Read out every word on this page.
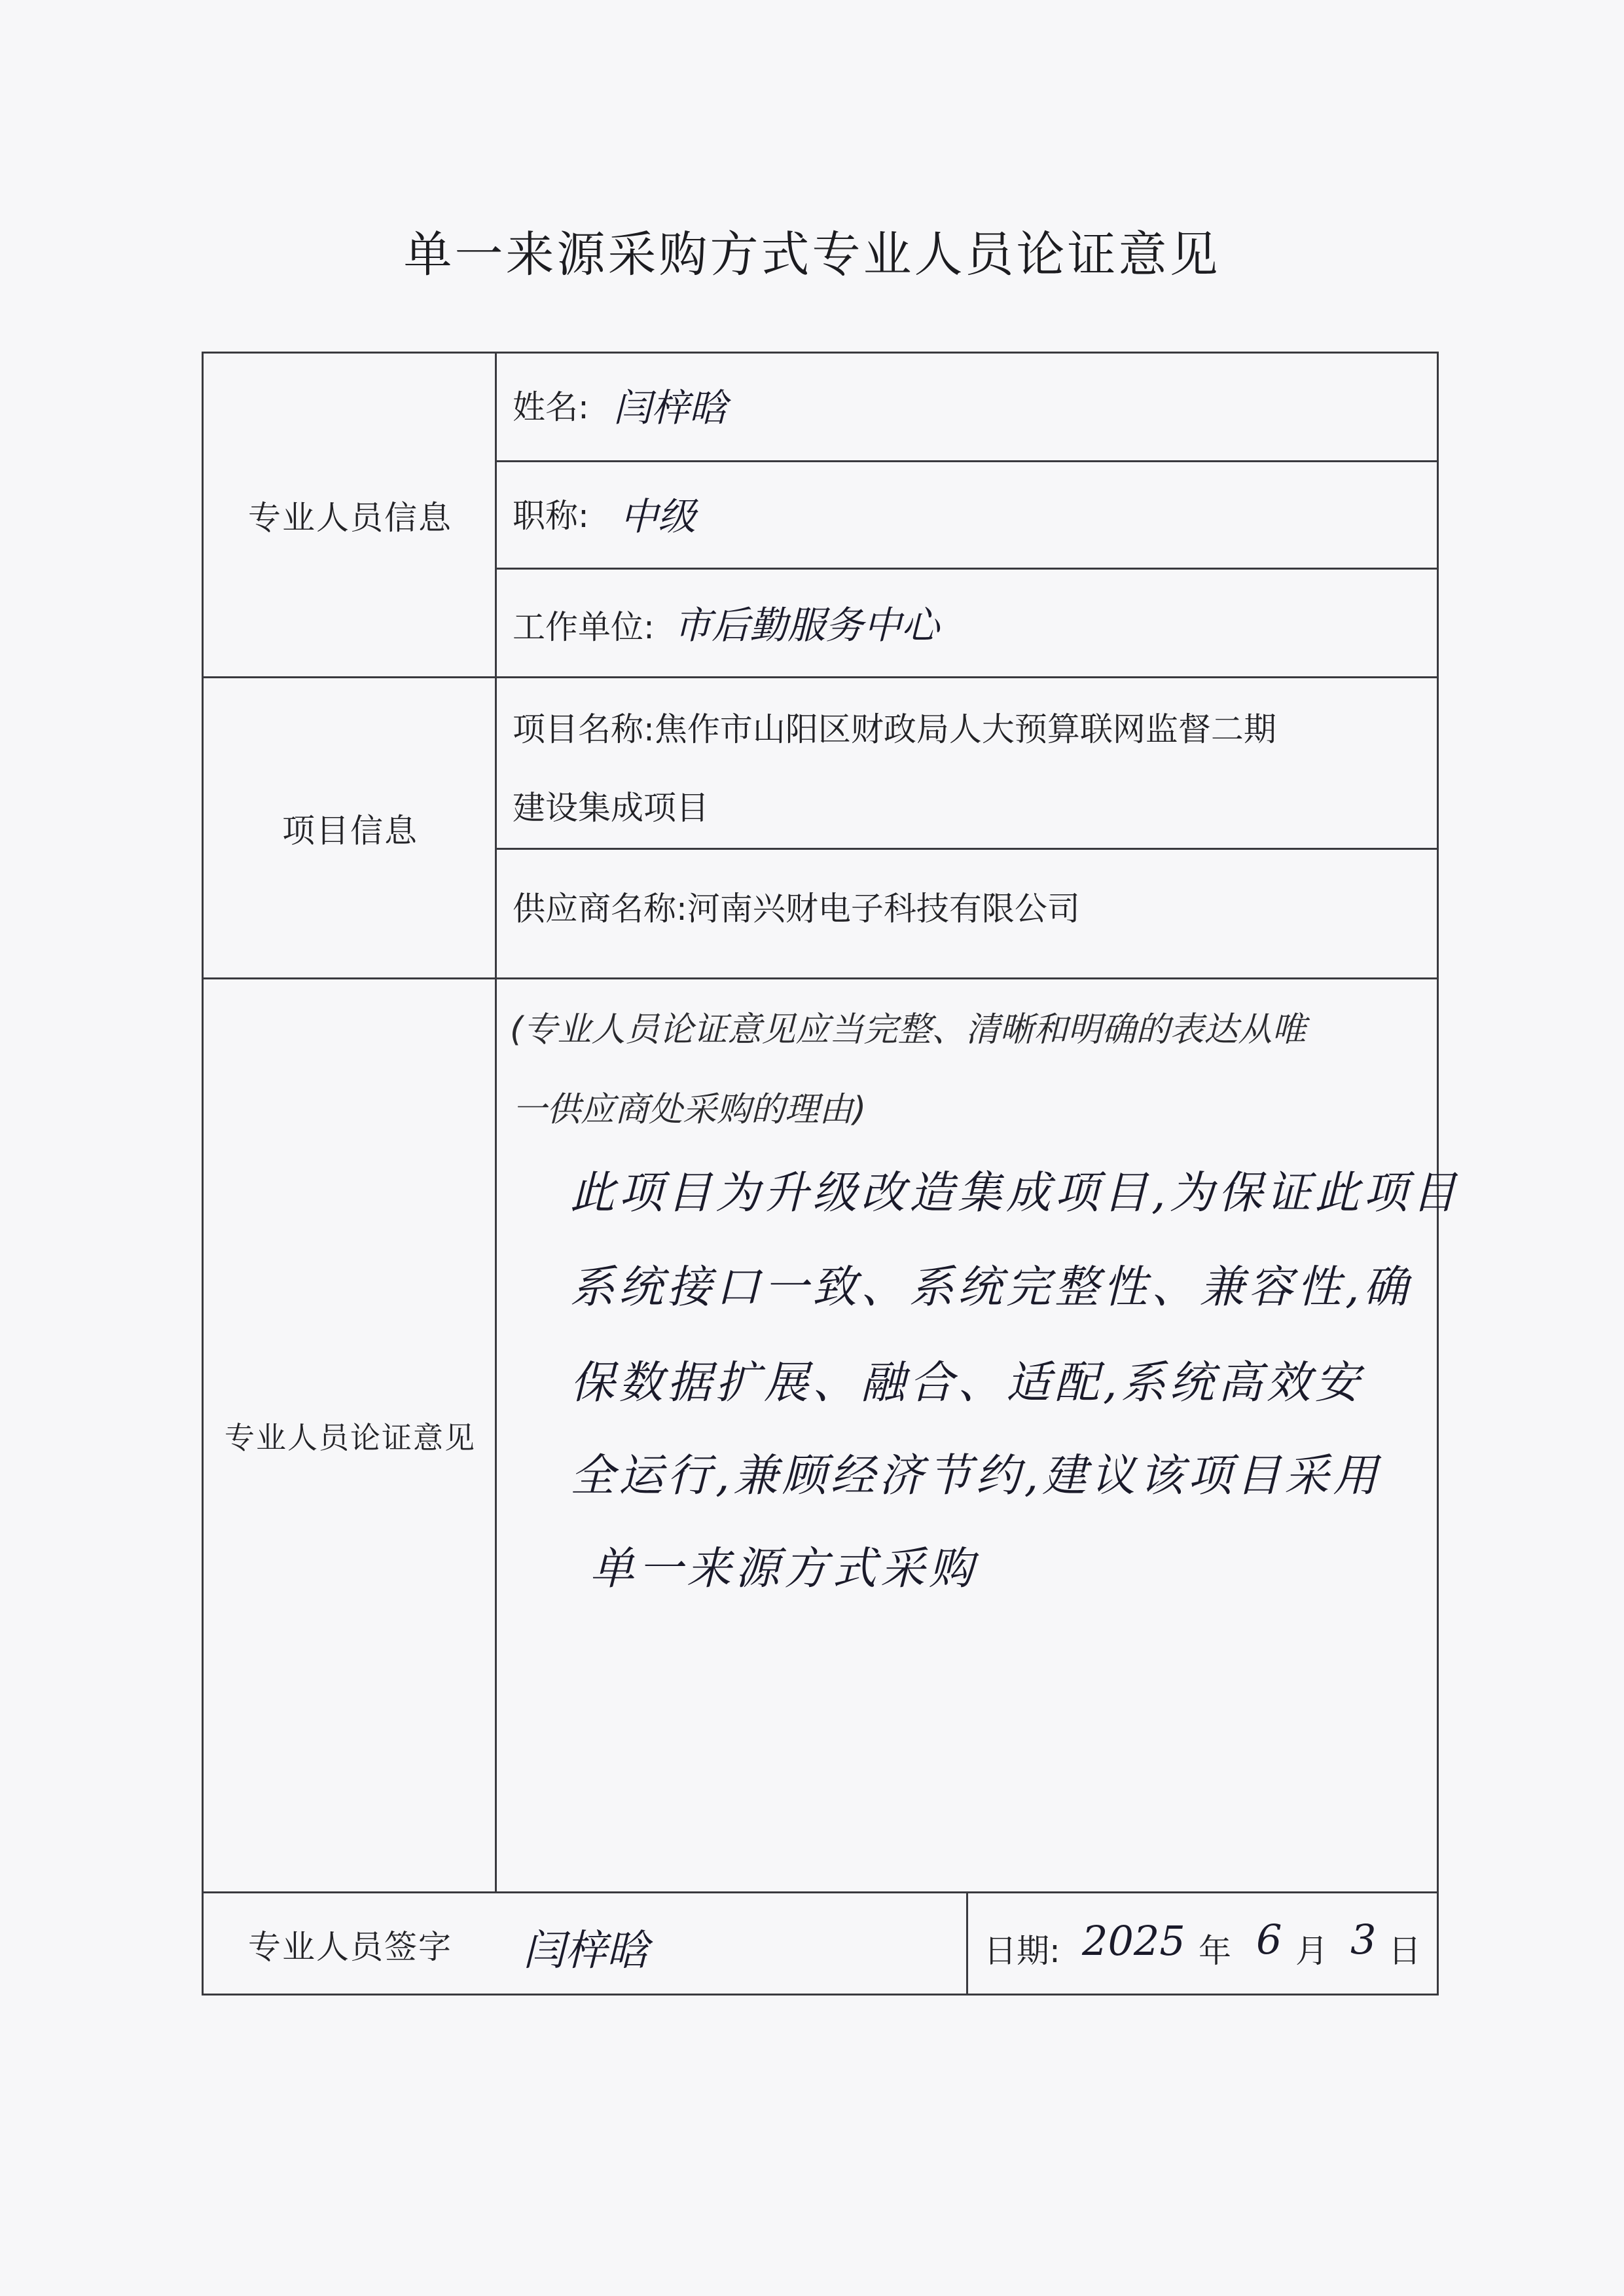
单一来源采购方式专业人员论证意见
专业人员信息
项目信息
专业人员论证意见
专业人员签字
姓名: 闫梓晗
职称: 中级
工作单位: 市后勤服务中心
项目名称:焦作市山阳区财政局人大预算联网监督二期
建设集成项目
供应商名称:河南兴财电子科技有限公司
(专业人员论证意见应当完整、清晰和明确的表达从唯
一供应商处采购的理由)
此项目为升级改造集成项目,为保证此项目
系统接口一致、系统完整性、兼容性,确
保数据扩展、融合、适配,系统高效安
全运行,兼顾经济节约,建议该项目采用
单一来源方式采购
闫梓晗	日期: 2025 年 6 月 3 日
